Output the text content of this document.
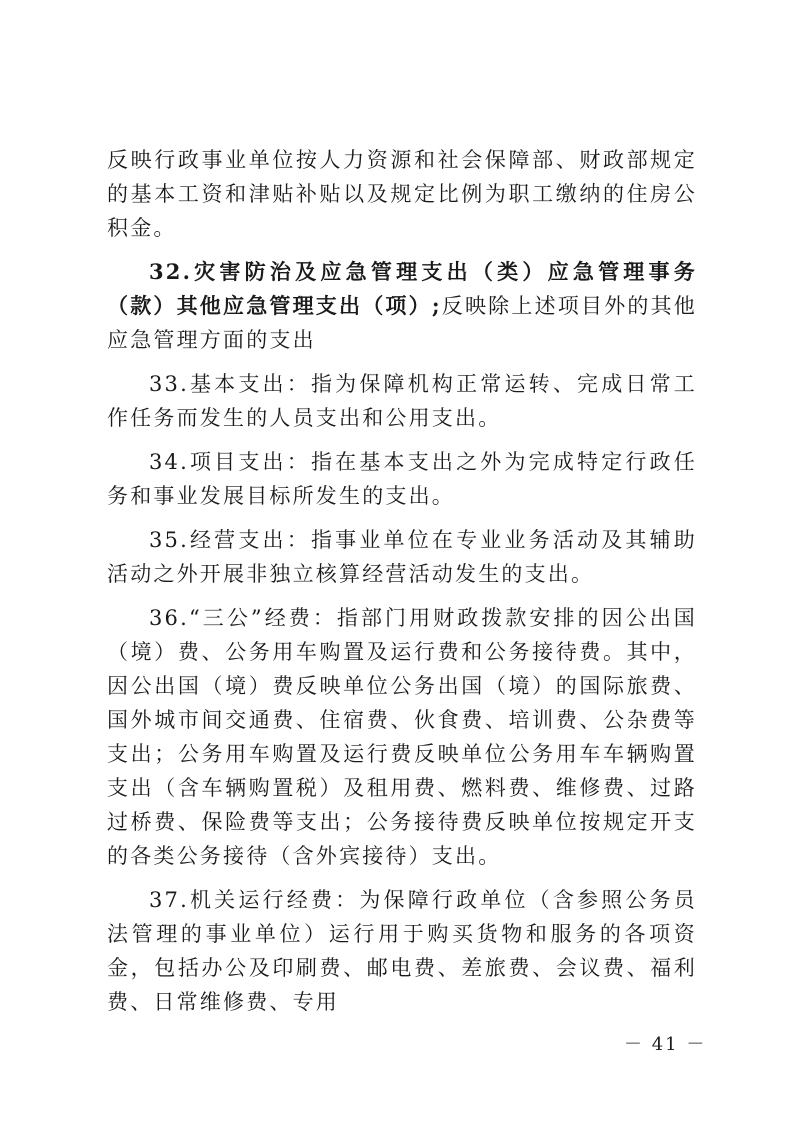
反映行政事业单位按人力资源和社会保障部、财政部规定的基本工资和津贴补贴以及规定比例为职工缴纳的住房公积金。

32.灾害防治及应急管理支出（类）应急管理事务（款）其他应急管理支出（项）;反映除上述项目外的其他应急管理方面的支出

33.基本支出：指为保障机构正常运转、完成日常工作任务而发生的人员支出和公用支出。

34.项目支出：指在基本支出之外为完成特定行政任务和事业发展目标所发生的支出。

35.经营支出：指事业单位在专业业务活动及其辅助活动之外开展非独立核算经营活动发生的支出。

36.“三公”经费：指部门用财政拨款安排的因公出国（境）费、公务用车购置及运行费和公务接待费。其中，因公出国（境）费反映单位公务出国（境）的国际旅费、国外城市间交通费、住宿费、伙食费、培训费、公杂费等支出；公务用车购置及运行费反映单位公务用车车辆购置支出（含车辆购置税）及租用费、燃料费、维修费、过路过桥费、保险费等支出；公务接待费反映单位按规定开支的各类公务接待（含外宾接待）支出。

37.机关运行经费：为保障行政单位（含参照公务员法管理的事业单位）运行用于购买货物和服务的各项资金，包括办公及印刷费、邮电费、差旅费、会议费、福利费、日常维修费、专用

－ 41 －
